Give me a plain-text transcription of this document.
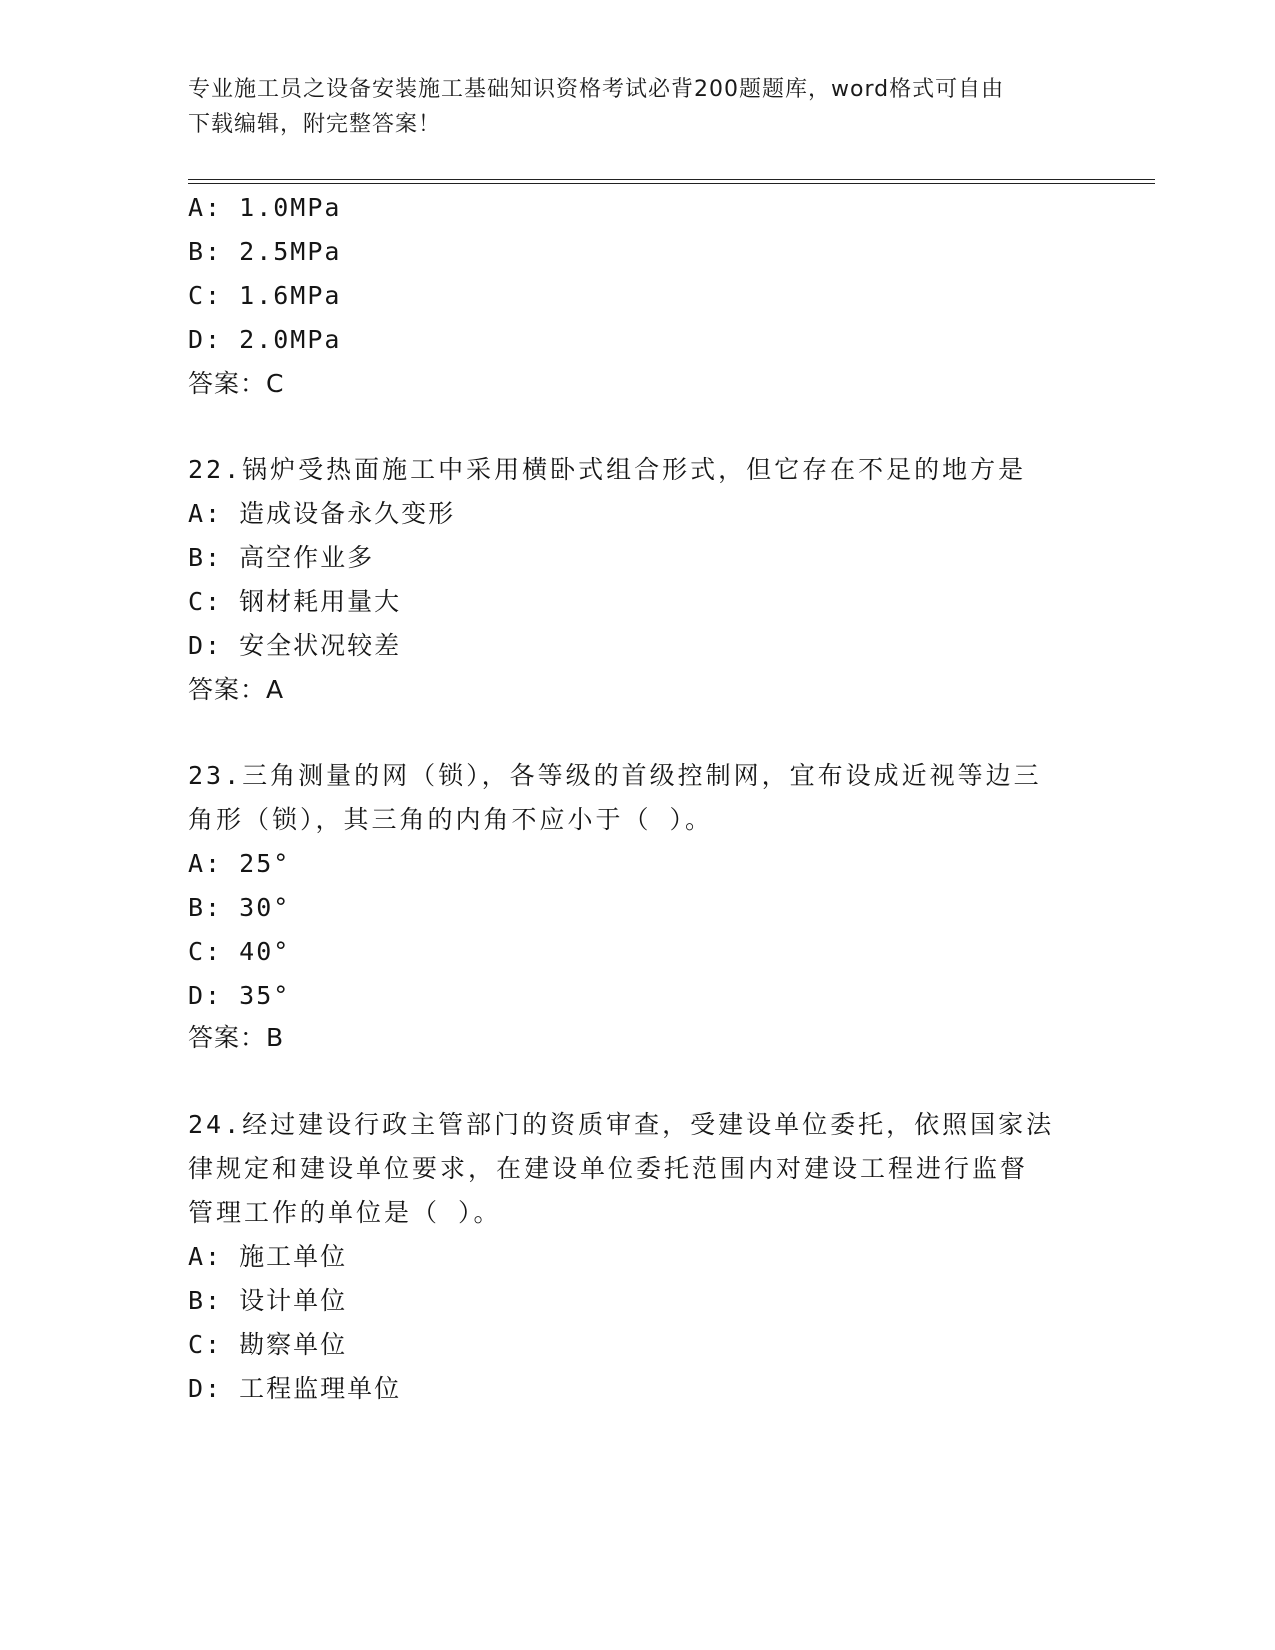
专业施工员之设备安装施工基础知识资格考试必背200题题库，word格式可自由
下载编辑，附完整答案！
A: 1.0MPa
B: 2.5MPa
C: 1.6MPa
D: 2.0MPa
答案：C
22.锅炉受热面施工中采用横卧式组合形式，但它存在不足的地方是
A: 造成设备永久变形
B: 高空作业多
C: 钢材耗用量大
D: 安全状况较差
答案：A
23.三角测量的网（锁），各等级的首级控制网，宜布设成近视等边三
角形（锁），其三角的内角不应小于（ ）。
A: 25°
B: 30°
C: 40°
D: 35°
答案：B
24.经过建设行政主管部门的资质审查，受建设单位委托，依照国家法
律规定和建设单位要求，在建设单位委托范围内对建设工程进行监督
管理工作的单位是（ ）。
A: 施工单位
B: 设计单位
C: 勘察单位
D: 工程监理单位
